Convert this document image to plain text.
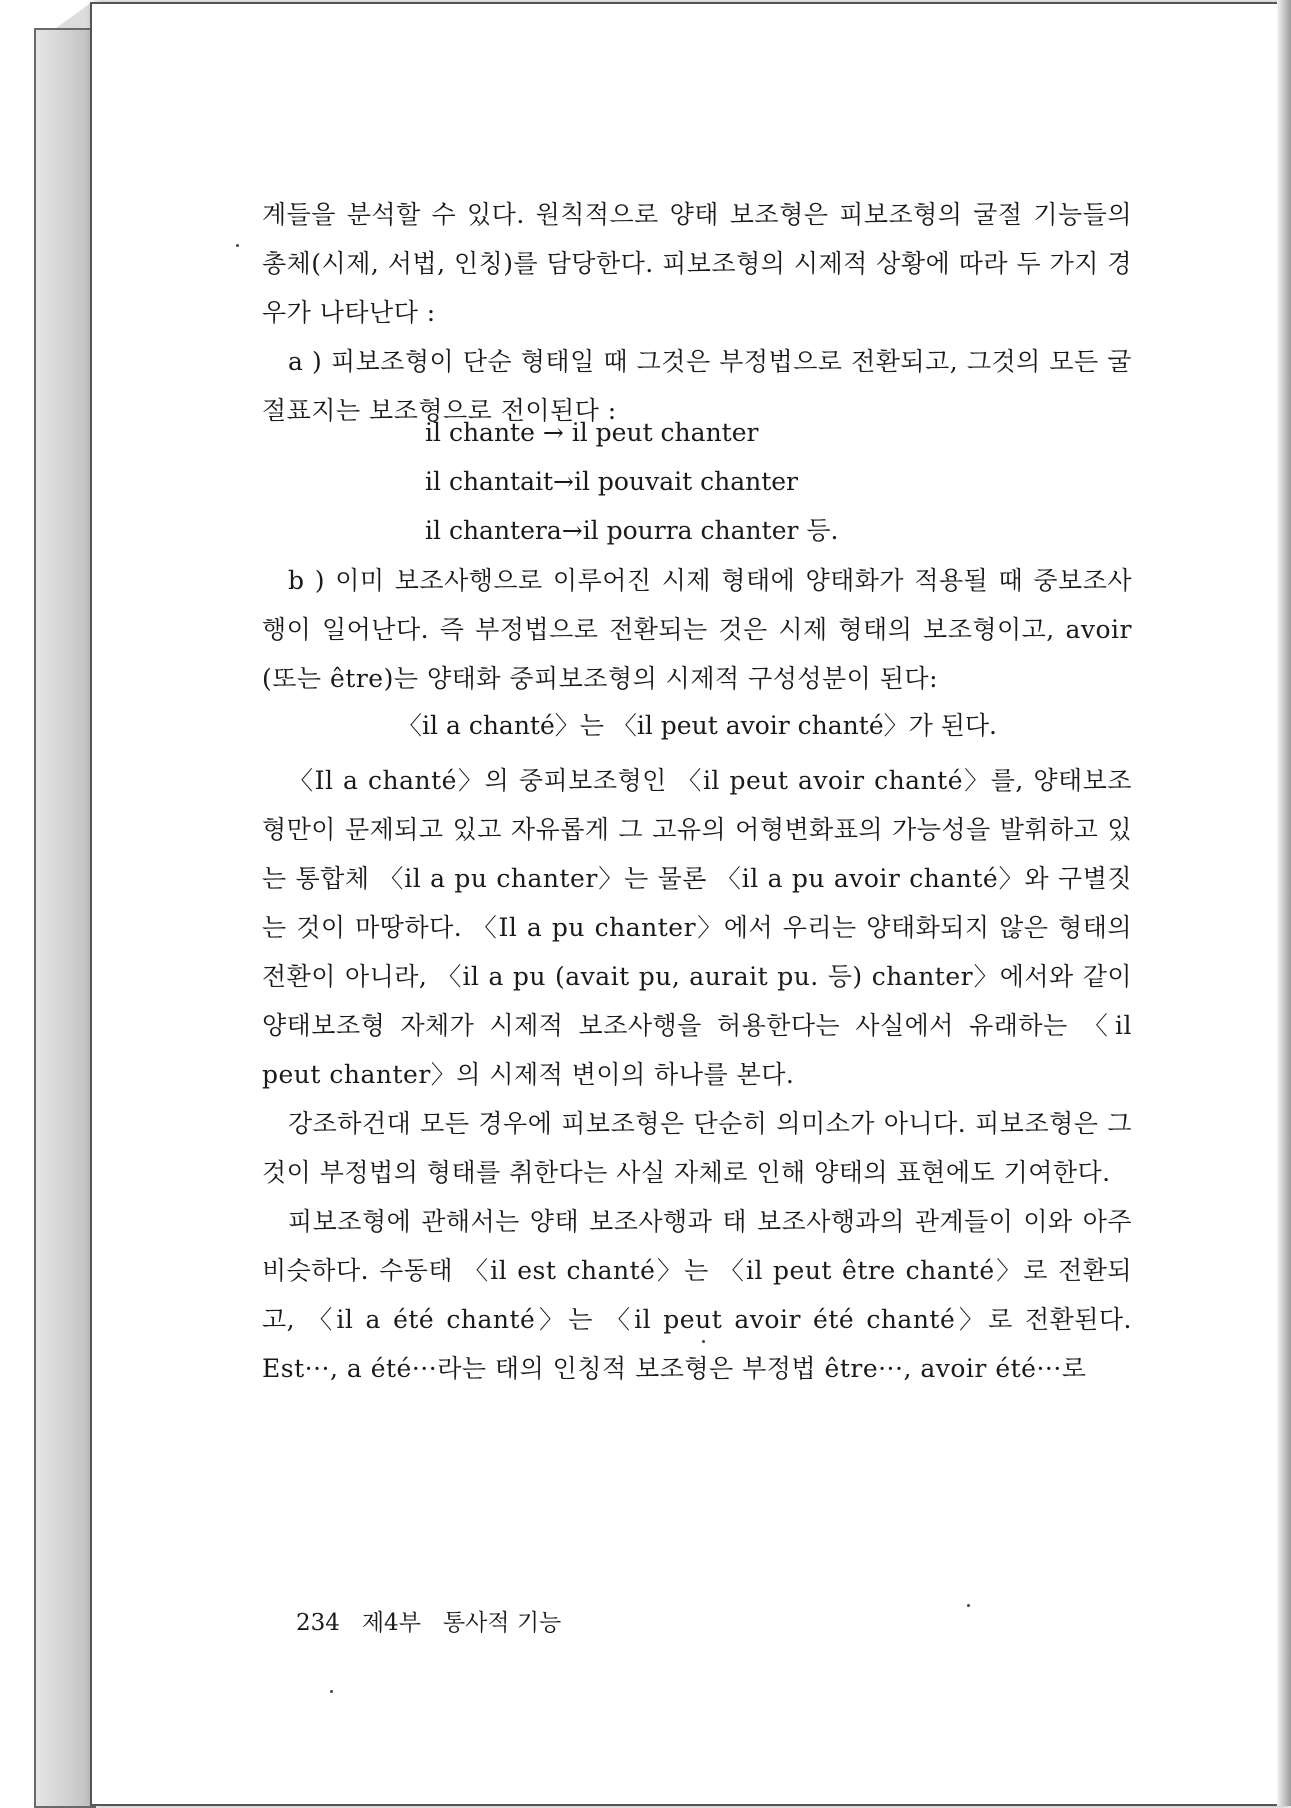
계들을 분석할 수 있다. 원칙적으로 양태 보조형은 피보조형의 굴절 기능들의 총체(시제, 서법, 인칭)를 담당한다. 피보조형의 시제적 상황에 따라 두 가지 경우가 나타난다 :

a ) 피보조형이 단순 형태일 때 그것은 부정법으로 전환되고, 그것의 모든 굴절표지는 보조형으로 전이된다 :

il chante → il peut chanter
il chantait→il pouvait chanter
il chantera→il pourra chanter 등.

b ) 이미 보조사행으로 이루어진 시제 형태에 양태화가 적용될 때 중보조사행이 일어난다. 즉 부정법으로 전환되는 것은 시제 형태의 보조형이고, avoir (또는 être)는 양태화 중피보조형의 시제적 구성성분이 된다:

〈il a chanté〉는 〈il peut avoir chanté〉가 된다.

〈Il a chanté〉의 중피보조형인 〈il peut avoir chanté〉를, 양태보조형만이 문제되고 있고 자유롭게 그 고유의 어형변화표의 가능성을 발휘하고 있는 통합체 〈il a pu chanter〉는 물론 〈il a pu avoir chanté〉와 구별짓는 것이 마땅하다. 〈Il a pu chanter〉에서 우리는 양태화되지 않은 형태의 전환이 아니라, 〈il a pu (avait pu, aurait pu. 등) chanter〉에서와 같이 양태보조형 자체가 시제적 보조사행을 허용한다는 사실에서 유래하는 〈il peut chanter〉의 시제적 변이의 하나를 본다.

강조하건대 모든 경우에 피보조형은 단순히 의미소가 아니다. 피보조형은 그것이 부정법의 형태를 취한다는 사실 자체로 인해 양태의 표현에도 기여한다.

피보조형에 관해서는 양태 보조사행과 태 보조사행과의 관계들이 이와 아주 비슷하다. 수동태 〈il est chanté〉는 〈il peut être chanté〉로 전환되고, 〈il a été chanté〉는 〈il peut avoir été chanté〉로 전환된다. Est···, a été···라는 태의 인칭적 보조형은 부정법 être···, avoir été···로

234 제4부 통사적 기능
